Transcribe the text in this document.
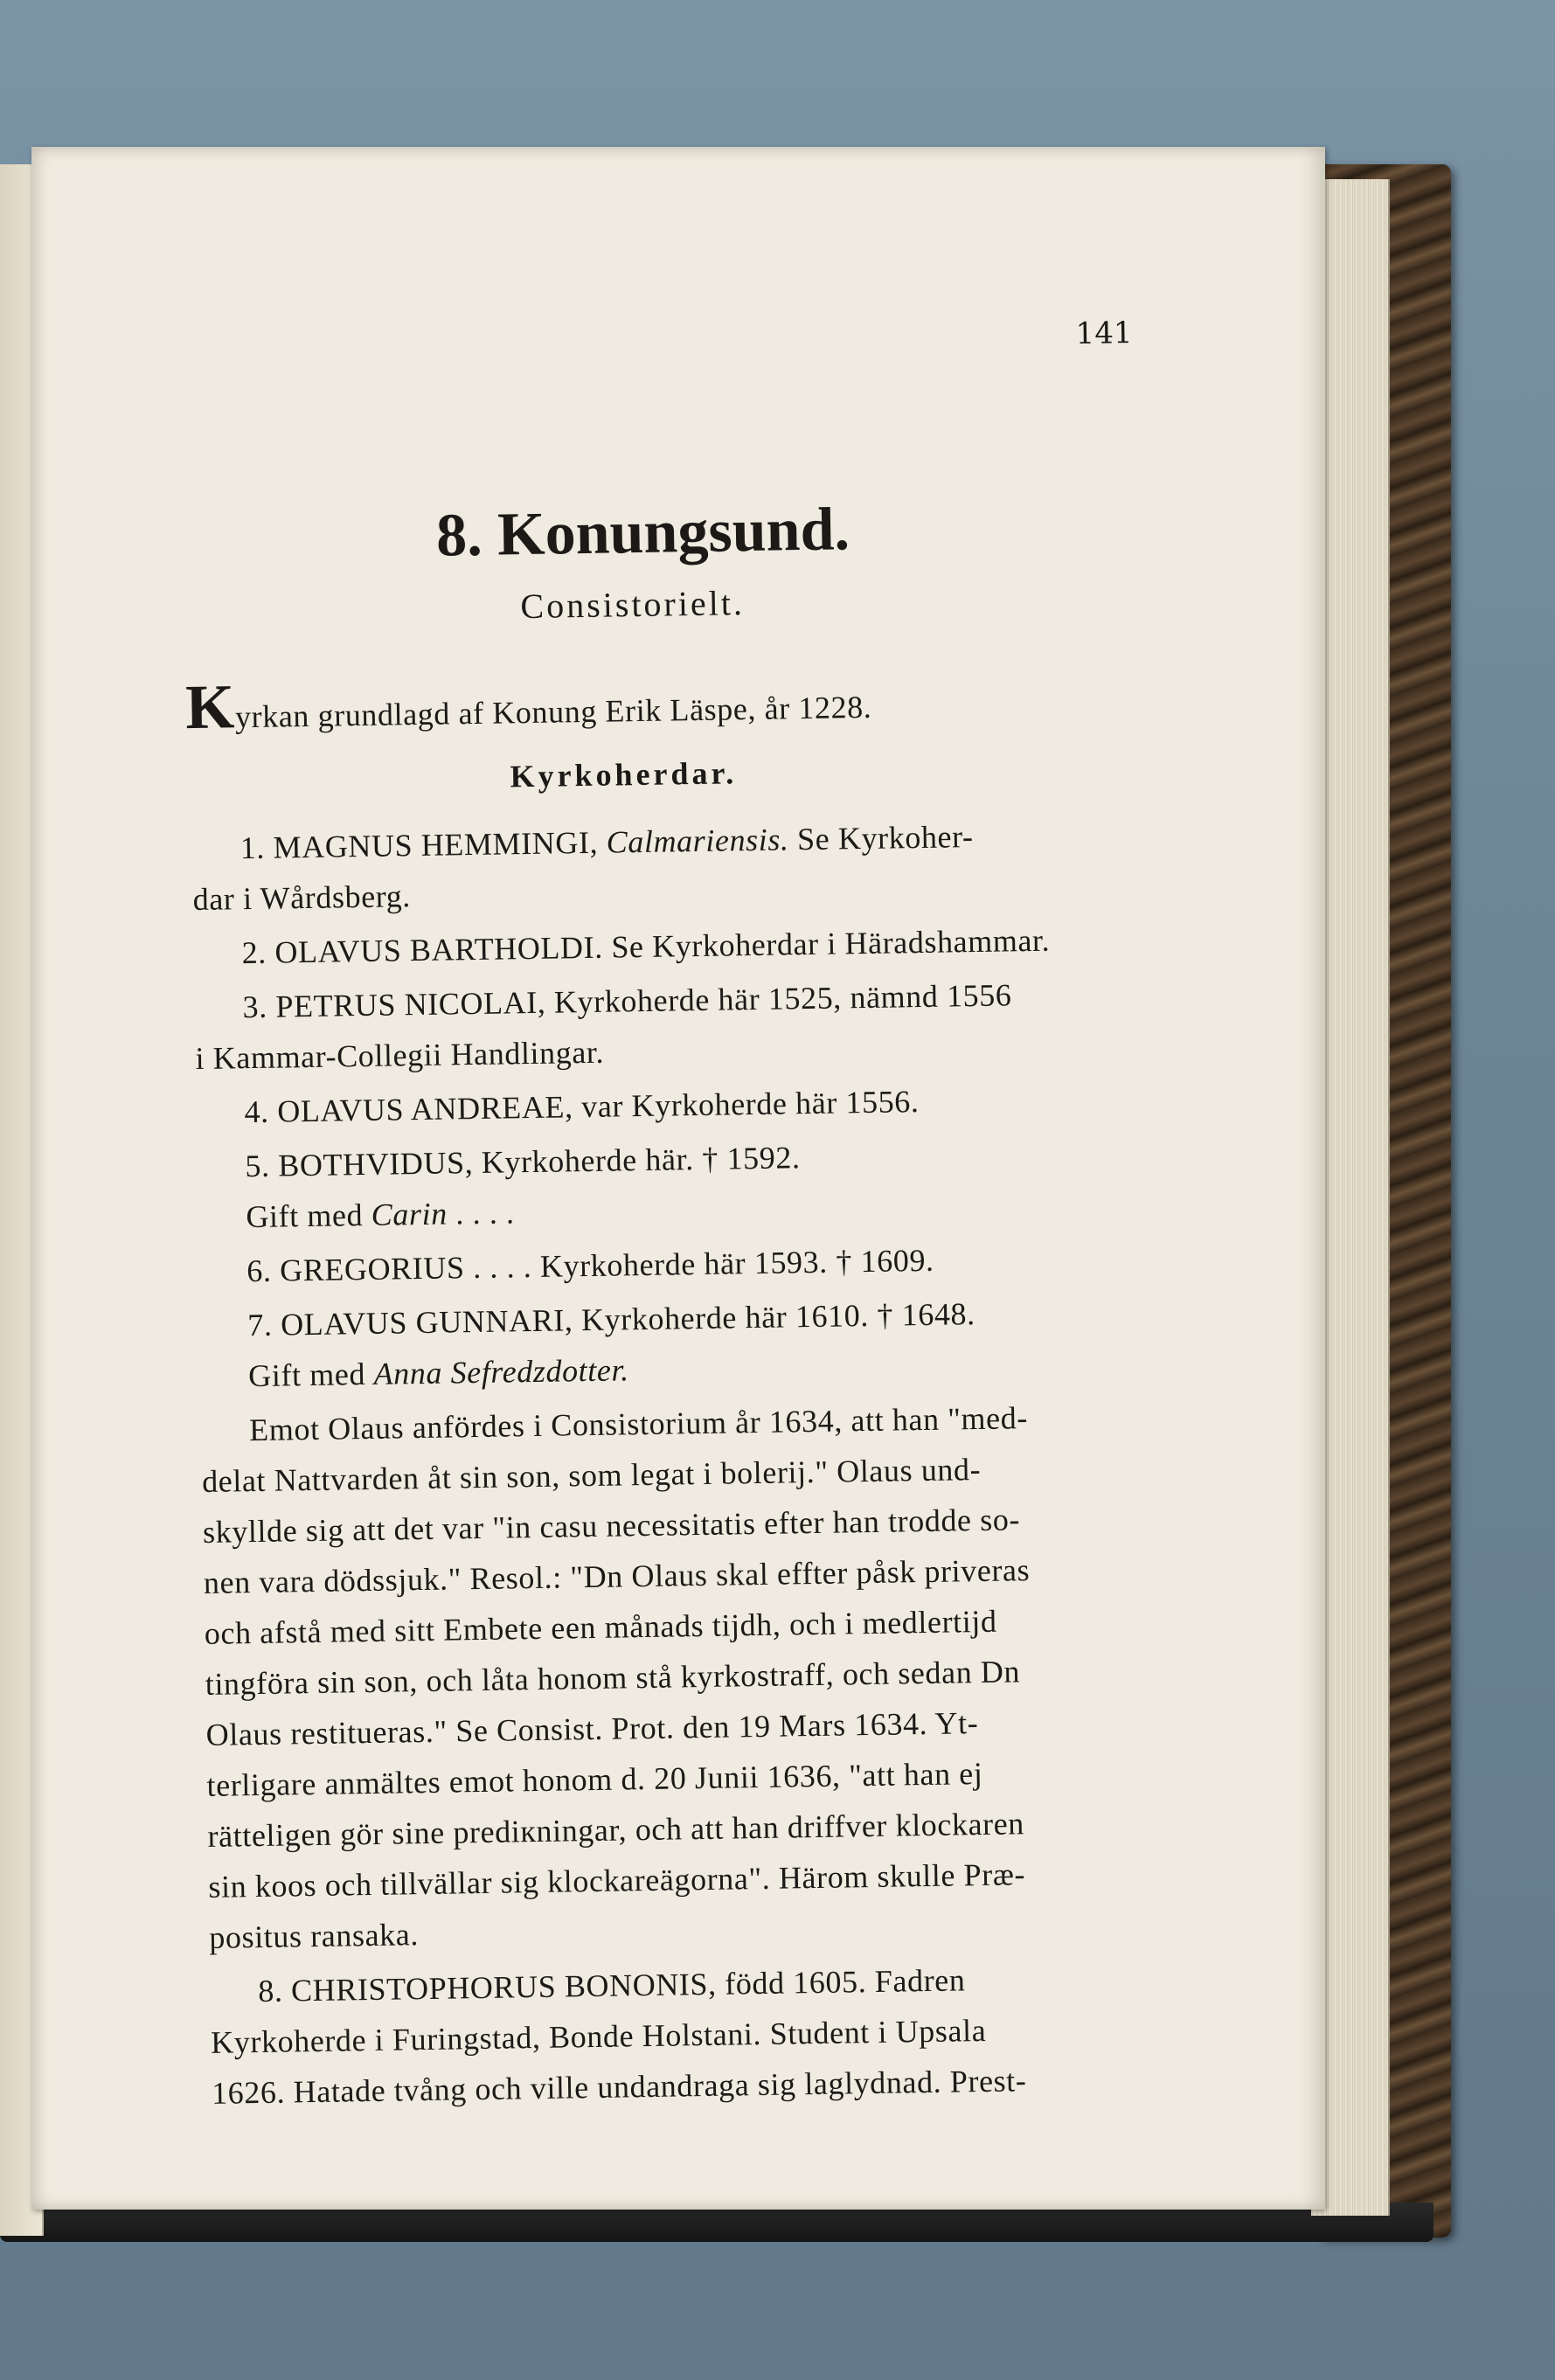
141
8. Konungsund.
Consistorielt.
Kyrkan grundlagd af Konung Erik Läspe, år 1228.
Kyrkoherdar.
1. MAGNUS HEMMINGI, Calmariensis. Se Kyrkoher-
dar i Wårdsberg.
2. OLAVUS BARTHOLDI. Se Kyrkoherdar i Häradshammar.
3. PETRUS NICOLAI, Kyrkoherde här 1525, nämnd 1556
i Kammar-Collegii Handlingar.
4. OLAVUS ANDREAE, var Kyrkoherde här 1556.
5. BOTHVIDUS, Kyrkoherde här. † 1592.
Gift med Carin . . . .
6. GREGORIUS . . . . Kyrkoherde här 1593. † 1609.
7. OLAVUS GUNNARI, Kyrkoherde här 1610. † 1648.
Gift med Anna Sefredzdotter.
Emot Olaus anfördes i Consistorium år 1634, att han "med-
delat Nattvarden åt sin son, som legat i bolerij." Olaus und-
skyllde sig att det var "in casu necessitatis efter han trodde so-
nen vara dödssjuk." Resol.: "Dn Olaus skal effter påsk priveras
och afstå med sitt Embete een månads tijdh, och i medlertijd
tingföra sin son, och låta honom stå kyrkostraff, och sedan Dn
Olaus restitueras." Se Consist. Prot. den 19 Mars 1634. Yt-
terligare anmältes emot honom d. 20 Junii 1636, "att han ej
rätteligen gör sine prediкningar, och att han driffver klockaren
sin koos och tillvällar sig klockareägorna". Härom skulle Præ-
positus ransaka.
8. CHRISTOPHORUS BONONIS, född 1605. Fadren
Kyrkoherde i Furingstad, Bonde Holstani. Student i Upsala
1626. Hatade tvång och ville undandraga sig laglydnad. Prest-
